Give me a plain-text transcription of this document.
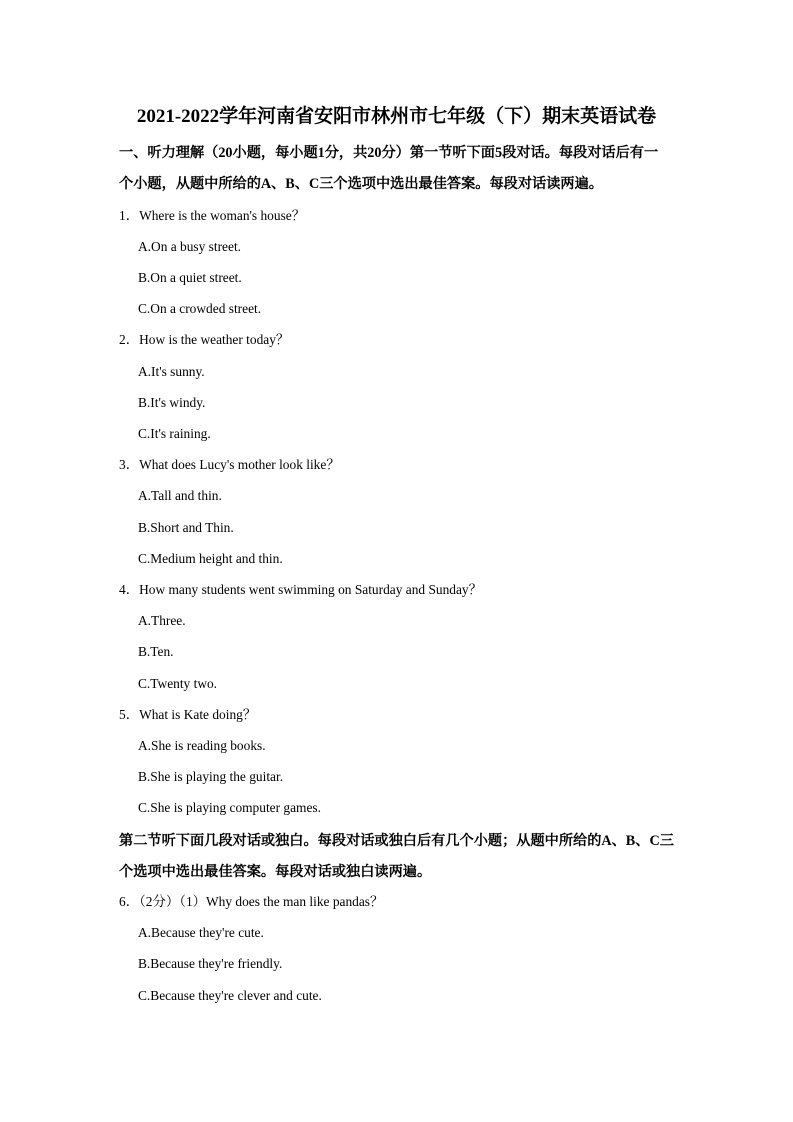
2021-2022学年河南省安阳市林州市七年级（下）期末英语试卷
一、听力理解（20小题，每小题1分，共20分）第一节听下面5段对话。每段对话后有一
个小题，从题中所给的A、B、C三个选项中选出最佳答案。每段对话读两遍。
1．Where is the woman's house？
A.On a busy street.
B.On a quiet street.
C.On a crowded street.
2．How is the weather today？
A.It's sunny.
B.It's windy.
C.It's raining.
3．What does Lucy's mother look like？
A.Tall and thin.
B.Short and Thin.
C.Medium height and thin.
4．How many students went swimming on Saturday and Sunday？
A.Three.
B.Ten.
C.Twenty two.
5．What is Kate doing？
A.She is reading books.
B.She is playing the guitar.
C.She is playing computer games.
第二节听下面几段对话或独白。每段对话或独白后有几个小题；从题中所给的A、B、C三
个选项中选出最佳答案。每段对话或独白读两遍。
6．（2分）（1）Why does the man like pandas？
A.Because they're cute.
B.Because they're friendly.
C.Because they're clever and cute.
